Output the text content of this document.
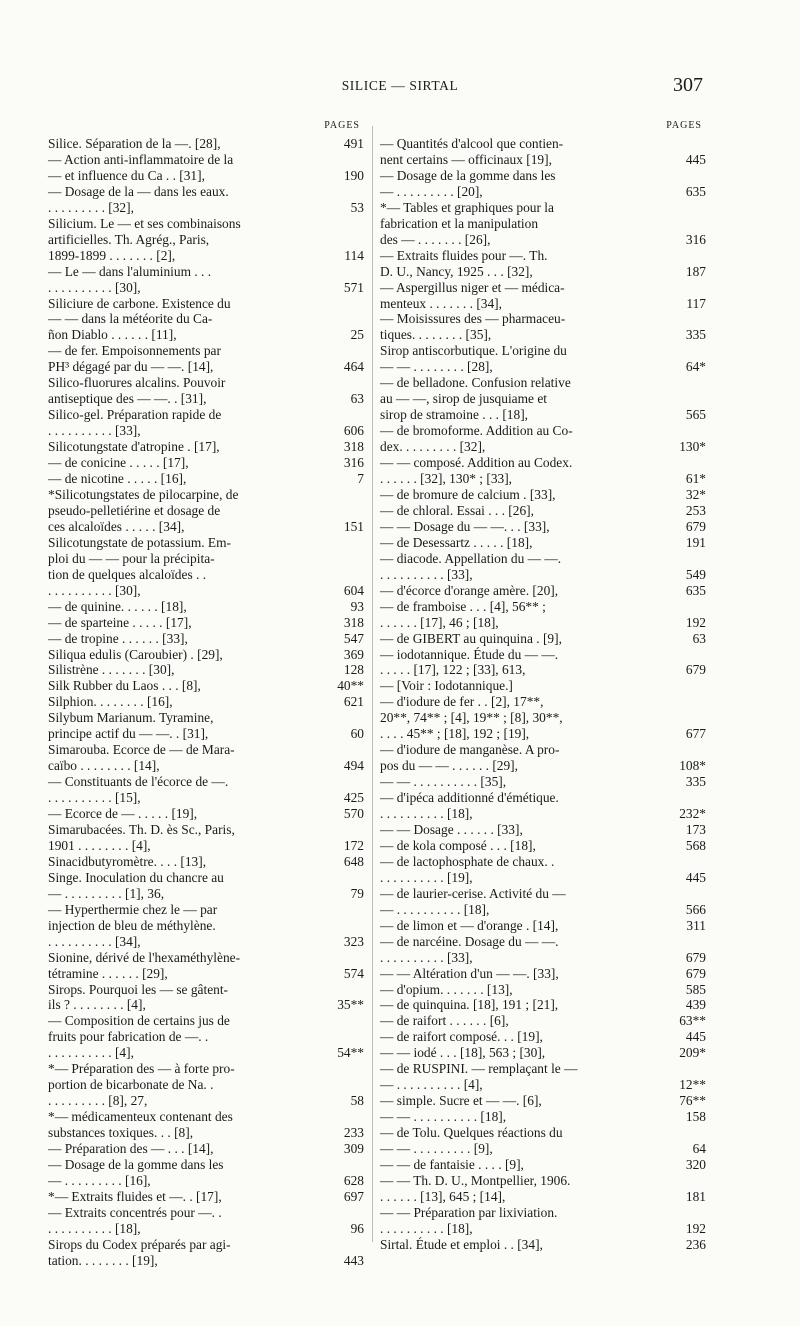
SILICE — SIRTAL	307
PAGES
Silice. Séparation de la —. [28],	491
— Action anti-inflammatoire de la
— et influence du Ca . . [31],	190
— Dosage de la — dans les eaux.
. . . . . . . . . [32],	53
Silicium. Le — et ses combinaisons
artificielles. Th. Agrég., Paris,
1899-1899 . . . . . . . [2],	114
— Le — dans l'aluminium . . .
. . . . . . . . . . [30],	571
Siliciure de carbone. Existence du
— — dans la météorite du Ca-
ñon Diablo . . . . . . [11],	25
— de fer. Empoisonnements par
PH³ dégagé par du — —. [14],	464
Silico-fluorures alcalins. Pouvoir
antiseptique des — —. . [31],	63
Silico-gel. Préparation rapide de
. . . . . . . . . . [33],	606
Silicotungstate d'atropine . [17],	318
— de conicine . . . . . [17],	316
— de nicotine . . . . . [16],	7
*Silicotungstates de pilocarpine, de
pseudo-pelletiérine et dosage de
ces alcaloïdes . . . . . [34],	151
Silicotungstate de potassium. Em-
ploi du — — pour la précipita-
tion de quelques alcaloïdes . .
. . . . . . . . . . [30],	604
— de quinine. . . . . . [18],	93
— de sparteine . . . . . [17],	318
— de tropine . . . . . . [33],	547
Siliqua edulis (Caroubier) . [29],	369
Silistrène . . . . . . . [30],	128
Silk Rubber du Laos . . . [8],	40**
Silphion. . . . . . . . [16],	621
Silybum Marianum. Tyramine,
principe actif du — —. . [31],	60
Simarouba. Ecorce de — de Mara-
caïbo . . . . . . . . [14],	494
— Constituants de l'écorce de —.
. . . . . . . . . . [15],	425
— Ecorce de — . . . . . [19],	570
Simarubacées. Th. D. ès Sc., Paris,
1901 . . . . . . . . [4],	172
Sinacidbutyromètre. . . . [13],	648
Singe. Inoculation du chancre au
— . . . . . . . . . [1], 36,	79
— Hyperthermie chez le — par
injection de bleu de méthylène.
. . . . . . . . . . [34],	323
Sionine, dérivé de l'hexaméthylène-
tétramine . . . . . . [29],	574
Sirops. Pourquoi les — se gâtent-
ils ? . . . . . . . . [4],	35**
— Composition de certains jus de
fruits pour fabrication de —. .
. . . . . . . . . . [4],	54**
*— Préparation des — à forte pro-
portion de bicarbonate de Na. .
. . . . . . . . . [8], 27,	58
*— médicamenteux contenant des
substances toxiques. . . [8],	233
— Préparation des — . . . [14],	309
— Dosage de la gomme dans les
— . . . . . . . . . [16],	628
*— Extraits fluides et —. . [17],	697
— Extraits concentrés pour —. .
. . . . . . . . . . [18],	96
Sirops du Codex préparés par agi-
tation. . . . . . . . [19],	443
PAGES
— Quantités d'alcool que contien-
nent certains — officinaux [19],	445
— Dosage de la gomme dans les
— . . . . . . . . . [20],	635
*— Tables et graphiques pour la
fabrication et la manipulation
des — . . . . . . . [26],	316
— Extraits fluides pour —. Th.
D. U., Nancy, 1925 . . . [32],	187
— Aspergillus niger et — médica-
menteux . . . . . . . [34],	117
— Moisissures des — pharmaceu-
tiques. . . . . . . . [35],	335
Sirop antiscorbutique. L'origine du
— — . . . . . . . . [28],	64*
— de belladone. Confusion relative
au — —, sirop de jusquiame et
sirop de stramoine . . . [18],	565
— de bromoforme. Addition au Co-
dex. . . . . . . . . [32],	130*
— — composé. Addition au Codex.
. . . . . . [32], 130* ; [33],	61*
— de bromure de calcium . [33],	32*
— de chloral. Essai . . . [26],	253
— — Dosage du — —. . . [33],	679
— de Desessartz . . . . . [18],	191
— diacode. Appellation du — —.
. . . . . . . . . . [33],	549
— d'écorce d'orange amère. [20],	635
— de framboise . . . [4], 56** ;
. . . . . . [17], 46 ; [18],	192
— de GIBERT au quinquina . [9],	63
— iodotannique. Étude du — —.
. . . . . [17], 122 ; [33], 613,	679
— [Voir : Iodotannique.]
— d'iodure de fer . . [2], 17**,
20**, 74** ; [4], 19** ; [8], 30**,
. . . . 45** ; [18], 192 ; [19],	677
— d'iodure de manganèse. A pro-
pos du — — . . . . . . [29],	108*
— — . . . . . . . . . . [35],	335
— d'ipéca additionné d'émétique.
. . . . . . . . . . [18],	232*
— — Dosage . . . . . . [33],	173
— de kola composé . . . [18],	568
— de lactophosphate de chaux. .
. . . . . . . . . . [19],	445
— de laurier-cerise. Activité du —
— . . . . . . . . . . [18],	566
— de limon et — d'orange . [14],	311
— de narcéine. Dosage du — —.
. . . . . . . . . . [33],	679
— — Altération d'un — —. [33],	679
— d'opium. . . . . . . [13],	585
— de quinquina. [18], 191 ; [21],	439
— de raifort . . . . . . [6],	63**
— de raifort composé. . . [19],	445
— — iodé . . . [18], 563 ; [30],	209*
— de RUSPINI. — remplaçant le —
— . . . . . . . . . . [4],	12**
— simple. Sucre et — —. [6],	76**
— — . . . . . . . . . . [18],	158
— de Tolu. Quelques réactions du
— — . . . . . . . . . [9],	64
— — de fantaisie . . . . [9],	320
— — Th. D. U., Montpellier, 1906.
. . . . . . [13], 645 ; [14],	181
— — Préparation par lixiviation.
. . . . . . . . . . [18],	192
Sirtal. Étude et emploi . . [34],	236
